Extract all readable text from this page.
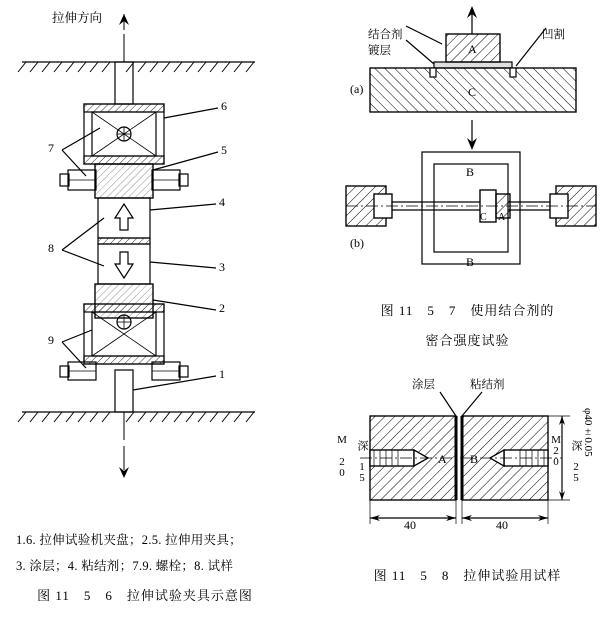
拉伸方向
6
5
4
3
2
1
7
8
9
1.6. 拉伸试验机夹盘；2.5. 拉伸用夹具；
3. 涂层；4. 粘结剂；7.9. 螺栓；8. 试样
图 11　5　6　拉伸试验夹具示意图
A
C
B
B
C A
结合剂
镀层
凹割
(a)
(b)
图 11　5　7　使用结合剂的
密合强度试验
A B
涂层	粘结剂
M 20 深 15	M20 深 25
φ40±0.05
40	40
图 11　5　8　拉伸试验用试样
